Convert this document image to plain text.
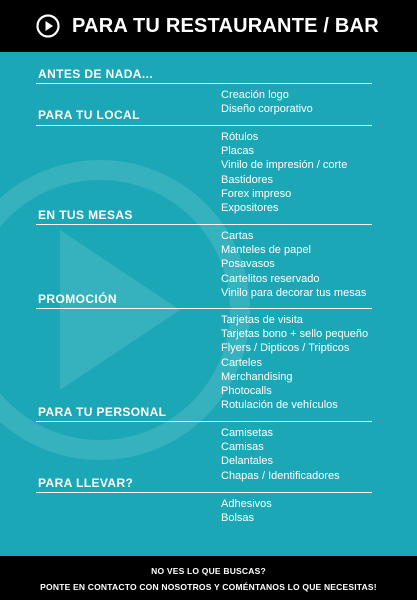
PARA TU RESTAURANTE / BAR
ANTES DE NADA...
Creación logo
Diseño corporativo
PARA TU LOCAL
Rótulos
Placas
Vinilo de impresión / corte
Bastidores
Forex impreso
Expositores
EN TUS MESAS
Cartas
Manteles de papel
Posavasos
Cartelitos reservado
Vinilo para decorar tus mesas
PROMOCIÓN
Tarjetas de visita
Tarjetas bono + sello pequeño
Flyers / Dipticos / Tripticos
Carteles
Merchandising
Photocalls
Rotulación de vehículos
PARA TU PERSONAL
Camisetas
Camisas
Delantales
Chapas / Identificadores
PARA LLEVAR?
Adhesivos
Bolsas
NO VES LO QUE BUSCAS?
PONTE EN CONTACTO CON NOSOTROS Y COMÉNTANOS LO QUE NECESITAS!
